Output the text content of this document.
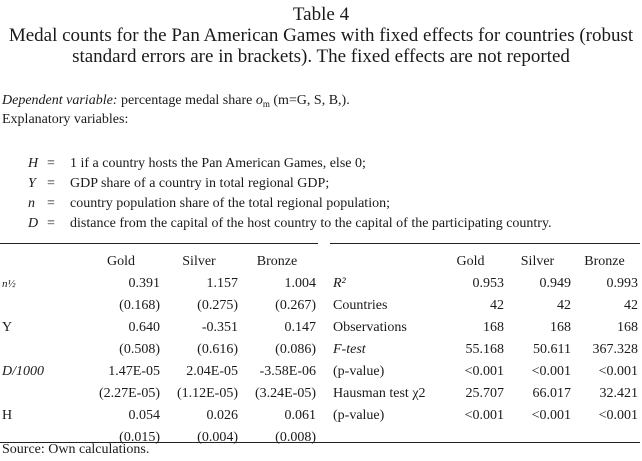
Table 4
Medal counts for the Pan American Games with fixed effects for countries (robust
standard errors are in brackets). The fixed effects are not reported
Dependent variable: percentage medal share $o_m$ (m=G, S, B,).
Explanatory variables:
H = 1 if a country hosts the Pan American Games, else 0;
Y = GDP share of a country in total regional GDP;
n = country population share of the total regional population;
D = distance from the capital of the host country to the capital of the participating country.
	Gold	Silver	Bronze
n½	0.391	1.157	1.004
	(0.168)	(0.275)	(0.267)
Y	0.640	-0.351	0.147
	(0.508)	(0.616)	(0.086)
D/1000	1.47E-05	2.04E-05	-3.58E-06
	(2.27E-05)	(1.12E-05)	(3.24E-05)
H	0.054	0.026	0.061
	(0.015)	(0.004)	(0.008)
	Gold	Silver	Bronze
R²	0.953	0.949	0.993
Countries	42	42	42
Observations	168	168	168
F-test	55.168	50.611	367.328
(p-value)	<0.001	<0.001	<0.001
Hausman test χ2	25.707	66.017	32.421
(p-value)	<0.001	<0.001	<0.001
Source: Own calculations.
